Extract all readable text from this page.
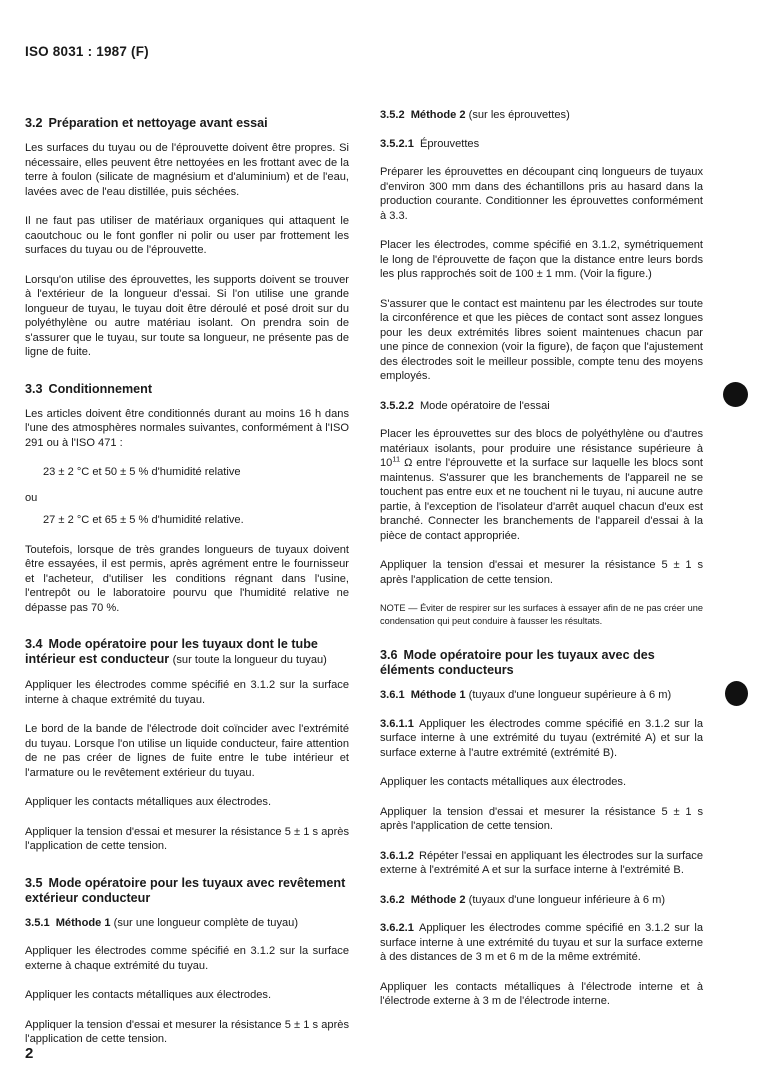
ISO 8031 : 1987 (F)
3.2 Préparation et nettoyage avant essai

Les surfaces du tuyau ou de l'éprouvette doivent être propres. Si nécessaire, elles peuvent être nettoyées en les frottant avec de la terre à foulon (silicate de magnésium et d'aluminium) et de l'eau, lavées avec de l'eau distillée, puis séchées.

Il ne faut pas utiliser de matériaux organiques qui attaquent le caoutchouc ou le font gonfler ni polir ou user par frottement les surfaces du tuyau ou de l'éprouvette.

Lorsqu'on utilise des éprouvettes, les supports doivent se trouver à l'extérieur de la longueur d'essai. Si l'on utilise une grande longueur de tuyau, le tuyau doit être déroulé et posé droit sur du polyéthylène ou autre matériau isolant. On prendra soin de s'assurer que le tuyau, sur toute sa longueur, ne présente pas de ligne de fuite.

3.3 Conditionnement

Les articles doivent être conditionnés durant au moins 16 h dans l'une des atmosphères normales suivantes, conformément à l'ISO 291 ou à l'ISO 471 :

23 ± 2 °C et 50 ± 5 % d'humidité relative

ou

27 ± 2 °C et 65 ± 5 % d'humidité relative.

Toutefois, lorsque de très grandes longueurs de tuyaux doivent être essayées, il est permis, après agrément entre le fournisseur et l'acheteur, d'utiliser les conditions régnant dans l'usine, l'entrepôt ou le laboratoire pourvu que l'humidité relative ne dépasse pas 70 %.

3.4 Mode opératoire pour les tuyaux dont le tube intérieur est conducteur (sur toute la longueur du tuyau)

Appliquer les électrodes comme spécifié en 3.1.2 sur la surface interne à chaque extrémité du tuyau.

Le bord de la bande de l'électrode doit coïncider avec l'extrémité du tuyau. Lorsque l'on utilise un liquide conducteur, faire attention de ne pas créer de lignes de fuite entre le tube intérieur et l'armature ou le revêtement extérieur du tuyau.

Appliquer les contacts métalliques aux électrodes.

Appliquer la tension d'essai et mesurer la résistance 5 ± 1 s après l'application de cette tension.

3.5 Mode opératoire pour les tuyaux avec revêtement extérieur conducteur
3.5.1 Méthode 1 (sur une longueur complète de tuyau)

Appliquer les électrodes comme spécifié en 3.1.2 sur la surface externe à chaque extrémité du tuyau.

Appliquer les contacts métalliques aux électrodes.

Appliquer la tension d'essai et mesurer la résistance 5 ± 1 s après l'application de cette tension.

3.5.2 Méthode 2 (sur les éprouvettes)
3.5.2.1 Éprouvettes

Préparer les éprouvettes en découpant cinq longueurs de tuyaux d'environ 300 mm dans des échantillons pris au hasard dans la production courante. Conditionner les éprouvettes conformément à 3.3.

Placer les électrodes, comme spécifié en 3.1.2, symétriquement le long de l'éprouvette de façon que la distance entre leurs bords les plus rapprochés soit de 100 ± 1 mm. (Voir la figure.)

S'assurer que le contact est maintenu par les électrodes sur toute la circonférence et que les pièces de contact sont assez longues pour les deux extrémités libres soient maintenues chacun par une pince de connexion (voir la figure), de façon que l'ajustement des électrodes soit le meilleur possible, compte tenu des moyens employés.

3.5.2.2 Mode opératoire de l'essai

Placer les éprouvettes sur des blocs de polyéthylène ou d'autres matériaux isolants, pour produire une résistance supérieure à $10^{11}$ Ω entre l'éprouvette et la surface sur laquelle les blocs sont maintenus. S'assurer que les branchements de l'appareil ne se touchent pas entre eux et ne touchent ni le tuyau, ni aucune autre partie, à l'exception de l'isolateur d'arrêt auquel chacun d'eux est branché. Connecter les branchements de l'appareil d'essai à la pièce de contact appropriée.

Appliquer la tension d'essai et mesurer la résistance 5 ± 1 s après l'application de cette tension.

NOTE — Éviter de respirer sur les surfaces à essayer afin de ne pas créer une condensation qui peut conduire à fausser les résultats.

3.6 Mode opératoire pour les tuyaux avec des éléments conducteurs
3.6.1 Méthode 1 (tuyaux d'une longueur supérieure à 6 m)

3.6.1.1 Appliquer les électrodes comme spécifié en 3.1.2 sur la surface interne à une extrémité du tuyau (extrémité A) et sur la surface externe à l'autre extrémité (extrémité B).

Appliquer les contacts métalliques aux électrodes.

Appliquer la tension d'essai et mesurer la résistance 5 ± 1 s après l'application de cette tension.

3.6.1.2 Répéter l'essai en appliquant les électrodes sur la surface externe à l'extrémité A et sur la surface interne à l'extrémité B.

3.6.2 Méthode 2 (tuyaux d'une longueur inférieure à 6 m)

3.6.2.1 Appliquer les électrodes comme spécifié en 3.1.2 sur la surface interne à une extrémité du tuyau et sur la surface externe à des distances de 3 m et 6 m de la même extrémité.

Appliquer les contacts métalliques à l'électrode interne et à l'électrode externe à 3 m de l'électrode interne.

2
